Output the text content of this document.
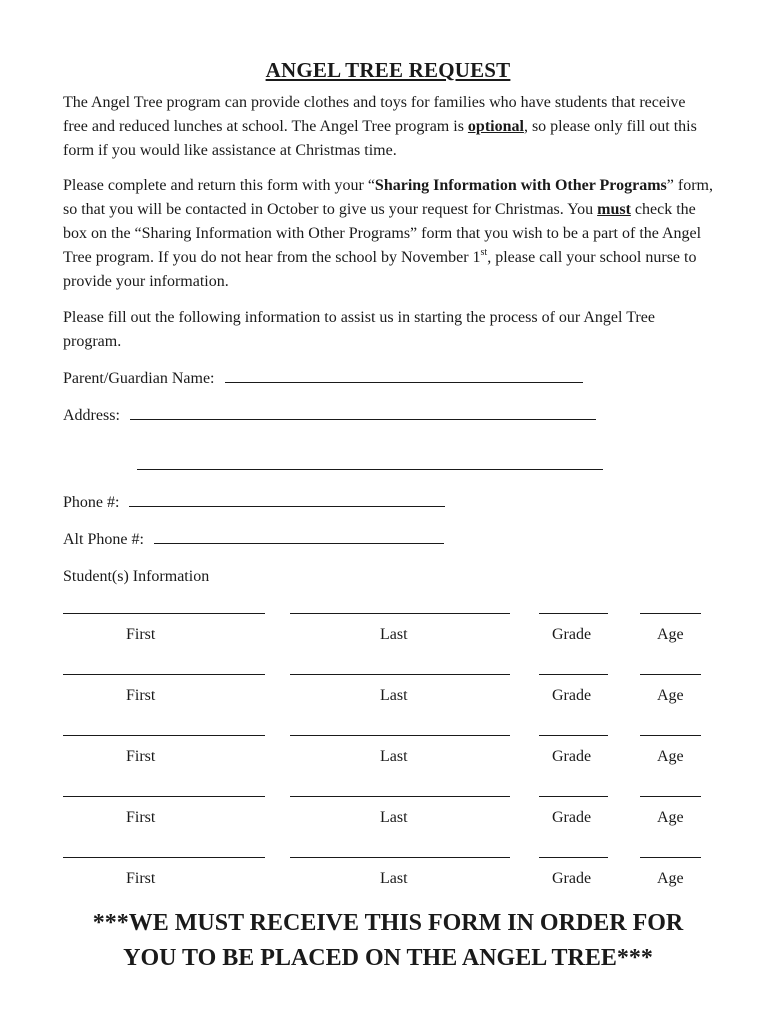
ANGEL TREE REQUEST

The Angel Tree program can provide clothes and toys for families who have students that receive free and reduced lunches at school. The Angel Tree program is optional, so please only fill out this form if you would like assistance at Christmas time.

Please complete and return this form with your “Sharing Information with Other Programs” form, so that you will be contacted in October to give us your request for Christmas. You must check the box on the “Sharing Information with Other Programs” form that you wish to be a part of the Angel Tree program. If you do not hear from the school by November 1st, please call your school nurse to provide your information.

Please fill out the following information to assist us in starting the process of our Angel Tree program.

Parent/Guardian Name:
Address:
Phone #:
Alt Phone #:
Student(s) Information
First	Last	Grade	Age
First	Last	Grade	Age
First	Last	Grade	Age
First	Last	Grade	Age
First	Last	Grade	Age
***WE MUST RECEIVE THIS FORM IN ORDER FOR
YOU TO BE PLACED ON THE ANGEL TREE***
